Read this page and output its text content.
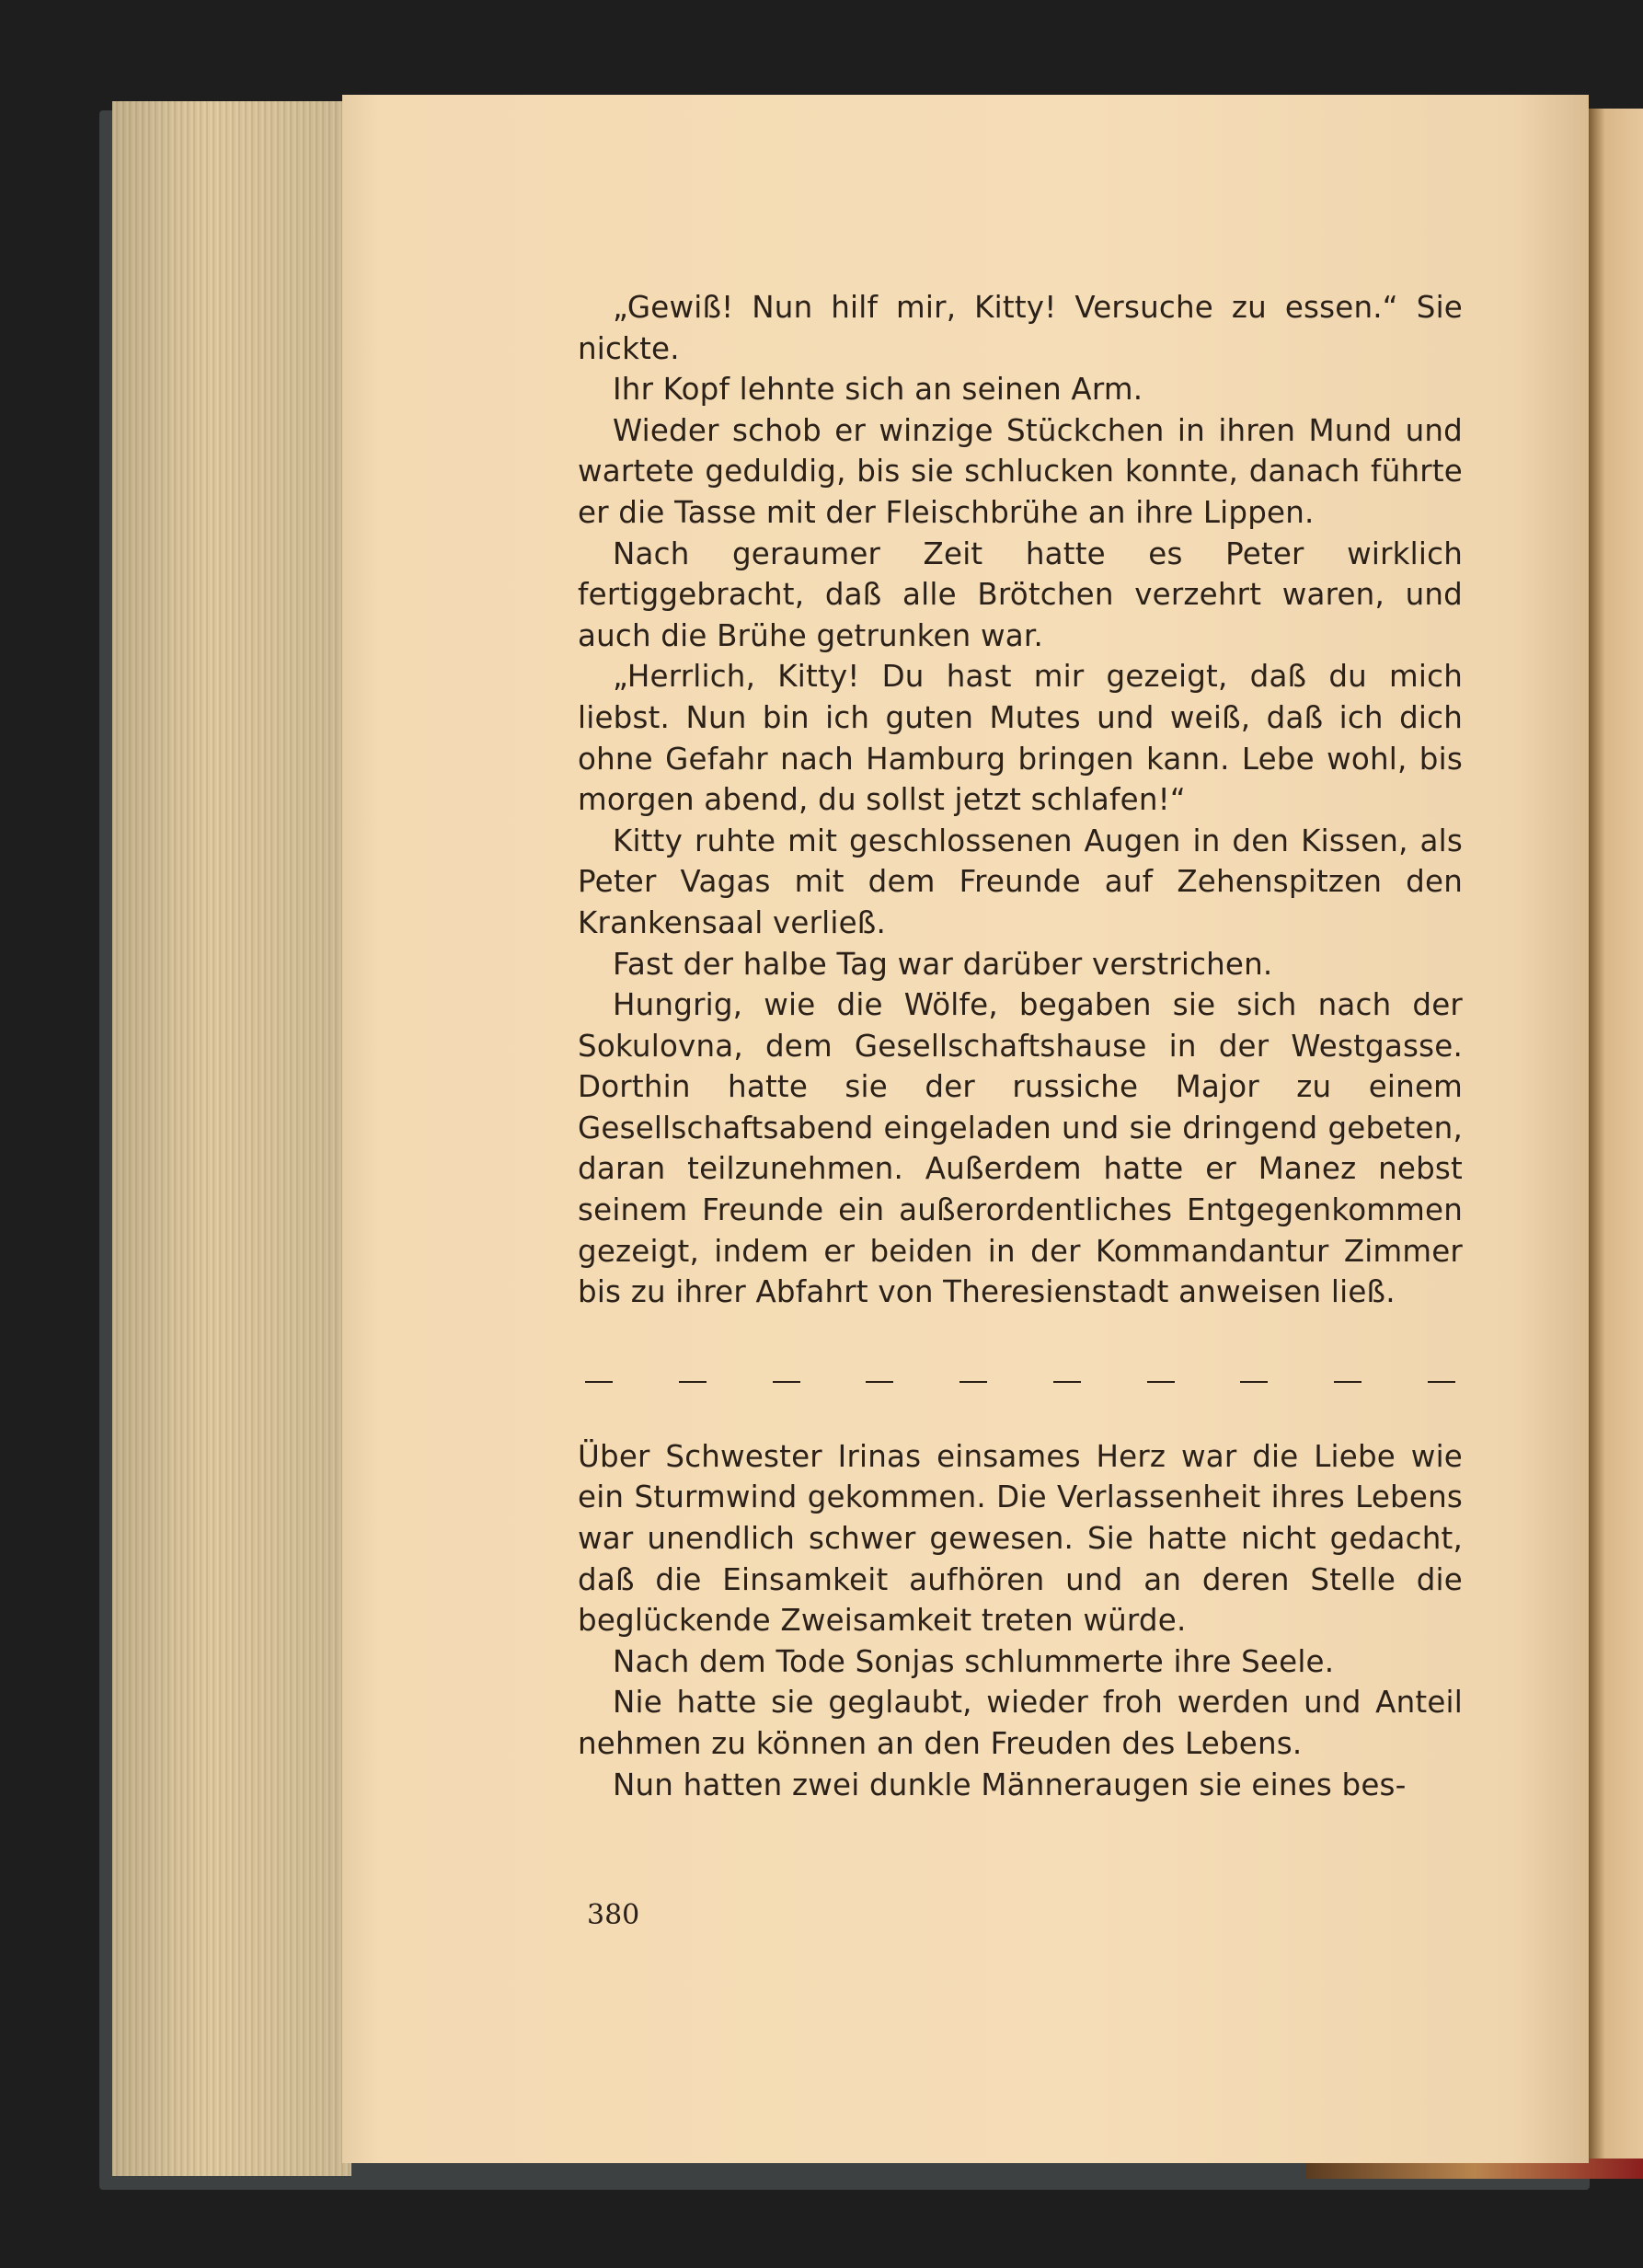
„Gewiß! Nun hilf mir, Kitty! Versuche zu essen.“ Sie nickte.

Ihr Kopf lehnte sich an seinen Arm.

Wieder schob er winzige Stückchen in ihren Mund und wartete geduldig, bis sie schlucken konnte, danach führte er die Tasse mit der Fleischbrühe an ihre Lippen.

Nach geraumer Zeit hatte es Peter wirklich fertiggebracht, daß alle Brötchen verzehrt waren, und auch die Brühe getrunken war.

„Herrlich, Kitty! Du hast mir gezeigt, daß du mich liebst. Nun bin ich guten Mutes und weiß, daß ich dich ohne Gefahr nach Hamburg bringen kann. Lebe wohl, bis morgen abend, du sollst jetzt schlafen!“

Kitty ruhte mit geschlossenen Augen in den Kissen, als Peter Vagas mit dem Freunde auf Zehenspitzen den Krankensaal verließ.

Fast der halbe Tag war darüber verstrichen.

Hungrig, wie die Wölfe, begaben sie sich nach der Sokulovna, dem Gesellschaftshause in der Westgasse. Dorthin hatte sie der russiche Major zu einem Gesellschaftsabend eingeladen und sie dringend gebeten, daran teilzunehmen. Außerdem hatte er Manez nebst seinem Freunde ein außerordentliches Entgegenkommen gezeigt, indem er beiden in der Kommandantur Zimmer bis zu ihrer Abfahrt von Theresienstadt anweisen ließ.

Über Schwester Irinas einsames Herz war die Liebe wie ein Sturmwind gekommen. Die Verlassenheit ihres Lebens war unendlich schwer gewesen. Sie hatte nicht gedacht, daß die Einsamkeit aufhören und an deren Stelle die beglückende Zweisamkeit treten würde.

Nach dem Tode Sonjas schlummerte ihre Seele.

Nie hatte sie geglaubt, wieder froh werden und Anteil nehmen zu können an den Freuden des Lebens.

Nun hatten zwei dunkle Männeraugen sie eines bes-

380
